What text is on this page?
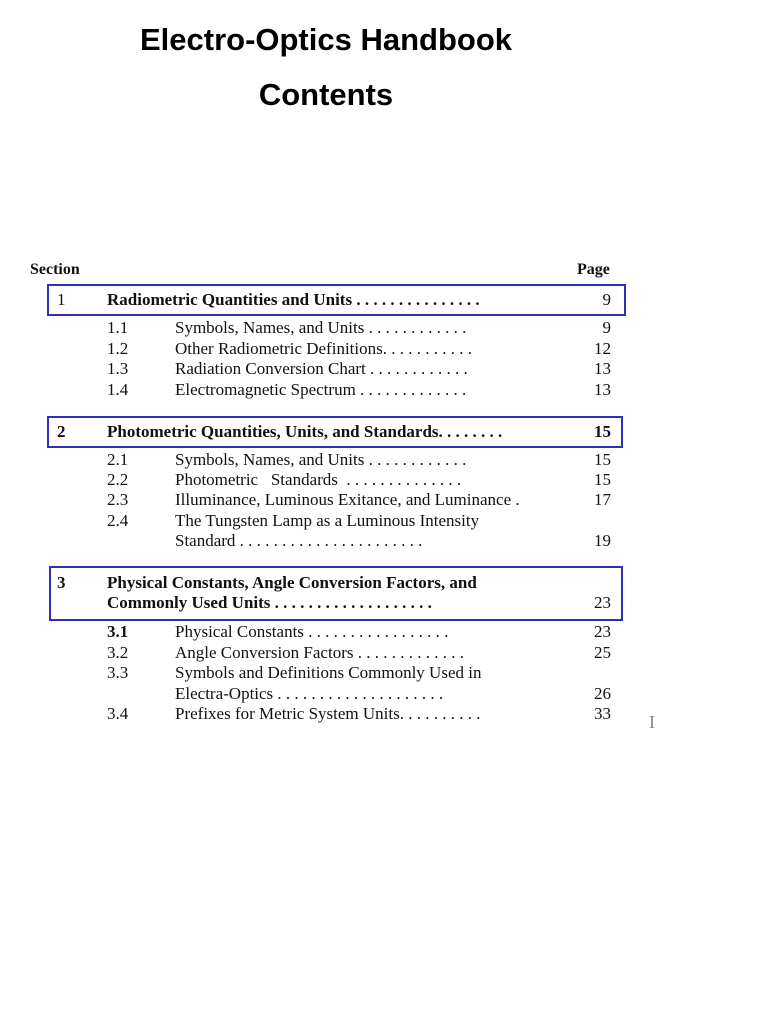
Electro-Optics Handbook
Contents
Section	Page
1 Radiometric Quantities and Units . . . . . . . . . . . . . . .	9
1.1	Symbols, Names, and Units . . . . . . . . . . . .	9
1.2	Other Radiometric Definitions. . . . . . . . . . .	12
1.3	Radiation Conversion Chart . . . . . . . . . . . .	13
1.4	Electromagnetic Spectrum . . . . . . . . . . . . .	13
2 Photometric Quantities, Units, and Standards. . . . . . . .	15
2.1	Symbols, Names, and Units . . . . . . . . . . . .	15
2.2	Photometric   Standards  . . . . . . . . . . . . . .	15
2.3	Illuminance, Luminous Exitance, and Luminance .	17
2.4	The Tungsten Lamp as a Luminous Intensity
Standard . . . . . . . . . . . . . . . . . . . . . .	19
3 Physical Constants, Angle Conversion Factors, and
Commonly Used Units . . . . . . . . . . . . . . . . . . .	23
3.1	Physical Constants . . . . . . . . . . . . . . . . .	23
3.2	Angle Conversion Factors . . . . . . . . . . . . .	25
3.3	Symbols and Definitions Commonly Used in
Electra-Optics . . . . . . . . . . . . . . . . . . . .	26
3.4	Prefixes for Metric System Units. . . . . . . . . .	33 I
